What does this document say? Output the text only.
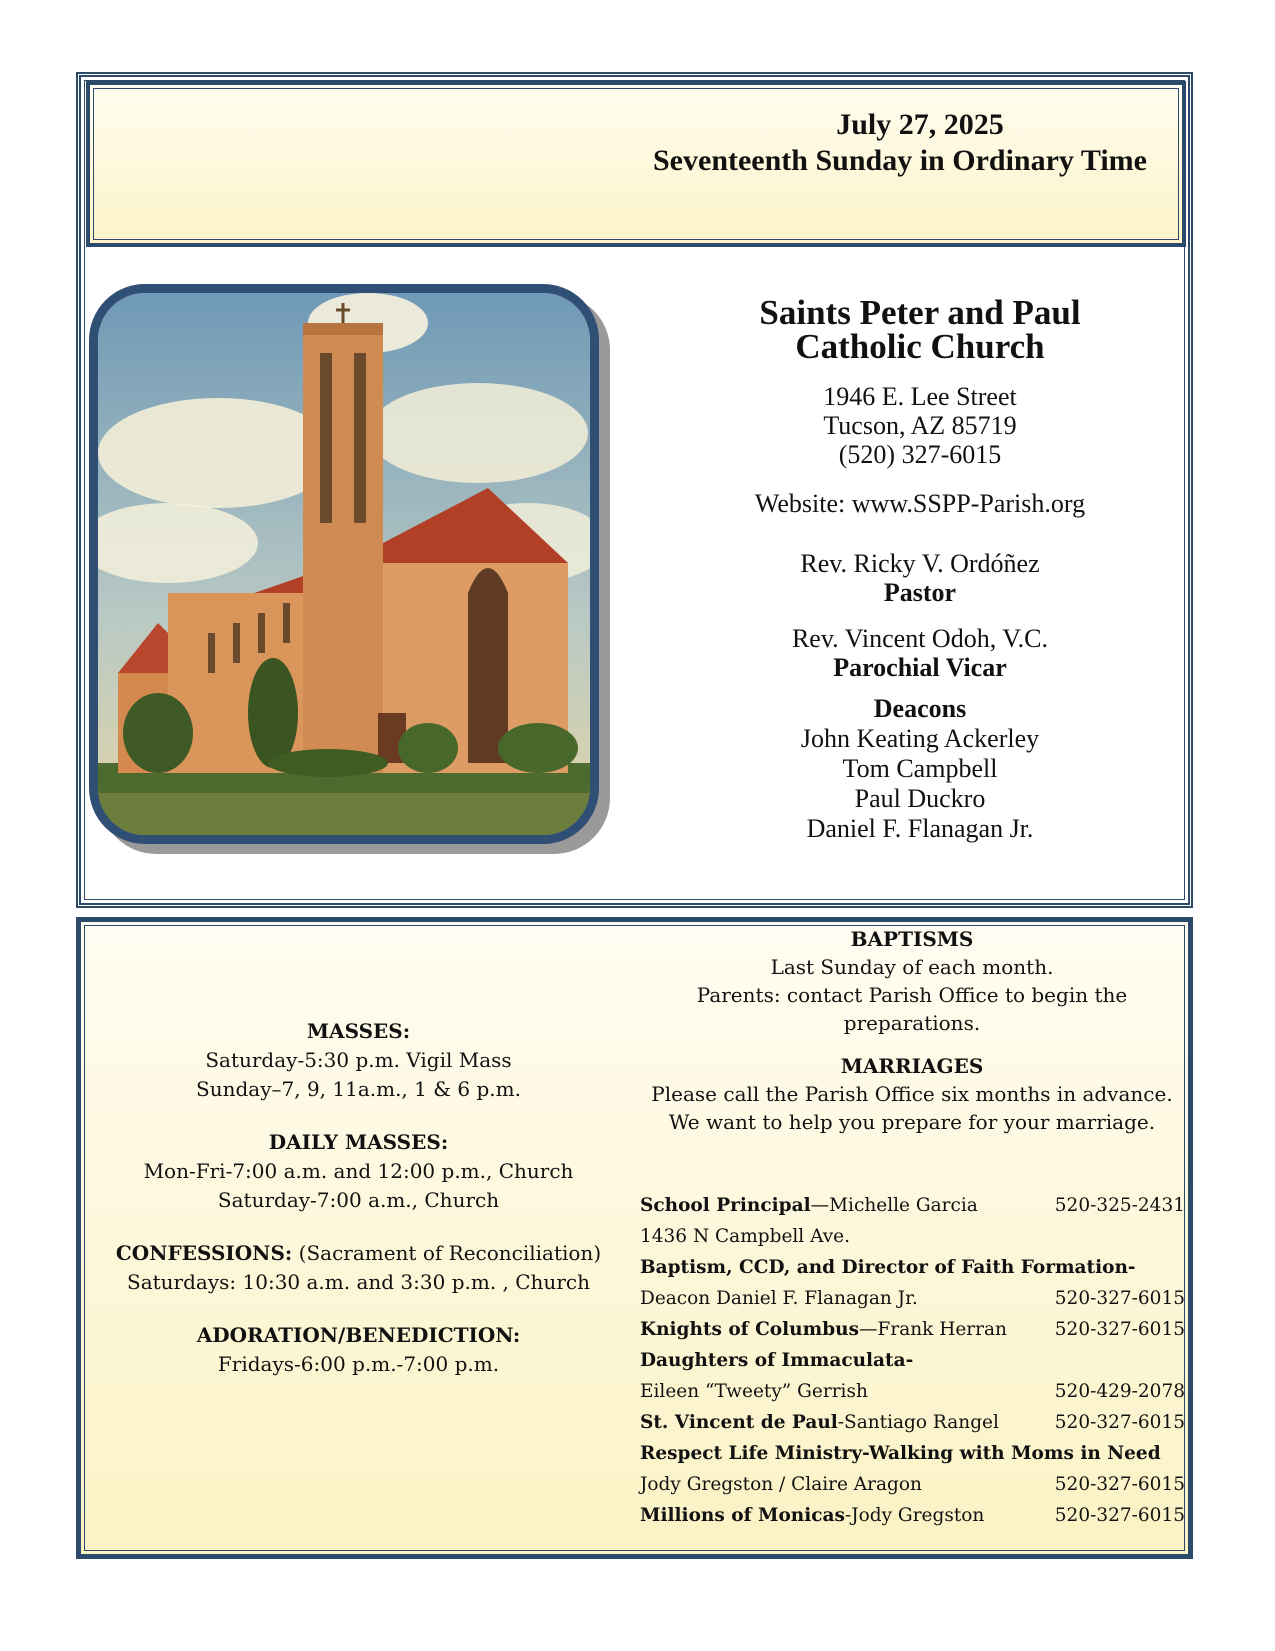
July 27, 2025
Seventeenth Sunday in Ordinary Time
Saints Peter and Paul
Catholic Church
1946 E. Lee Street
Tucson, AZ 85719
(520) 327-6015
Website: www.SSPP-Parish.org
Rev. Ricky V. Ordóñez
Pastor
Rev. Vincent Odoh, V.C.
Parochial Vicar
Deacons
John Keating Ackerley
Tom Campbell
Paul Duckro
Daniel F. Flanagan Jr.
MASSES:
Saturday-5:30 p.m. Vigil Mass
Sunday–7, 9, 11a.m., 1 & 6 p.m.
DAILY MASSES:
Mon-Fri-7:00 a.m. and 12:00 p.m., Church
Saturday-7:00 a.m., Church
CONFESSIONS: (Sacrament of Reconciliation)
Saturdays: 10:30 a.m. and 3:30 p.m. , Church
ADORATION/BENEDICTION:
Fridays-6:00 p.m.-7:00 p.m.
BAPTISMS
Last Sunday of each month.
Parents: contact Parish Office to begin the
preparations.
MARRIAGES
Please call the Parish Office six months in advance.
We want to help you prepare for your marriage.
School Principal—Michelle Garcia	520-325-2431
1436 N Campbell Ave.
Baptism, CCD, and Director of Faith Formation-
Deacon Daniel F. Flanagan Jr.	520-327-6015
Knights of Columbus—Frank Herran	520-327-6015
Daughters of Immaculata-
Eileen “Tweety” Gerrish	520-429-2078
St. Vincent de Paul-Santiago Rangel	520-327-6015
Respect Life Ministry-Walking with Moms in Need
Jody Gregston / Claire Aragon	520-327-6015
Millions of Monicas-Jody Gregston	520-327-6015
